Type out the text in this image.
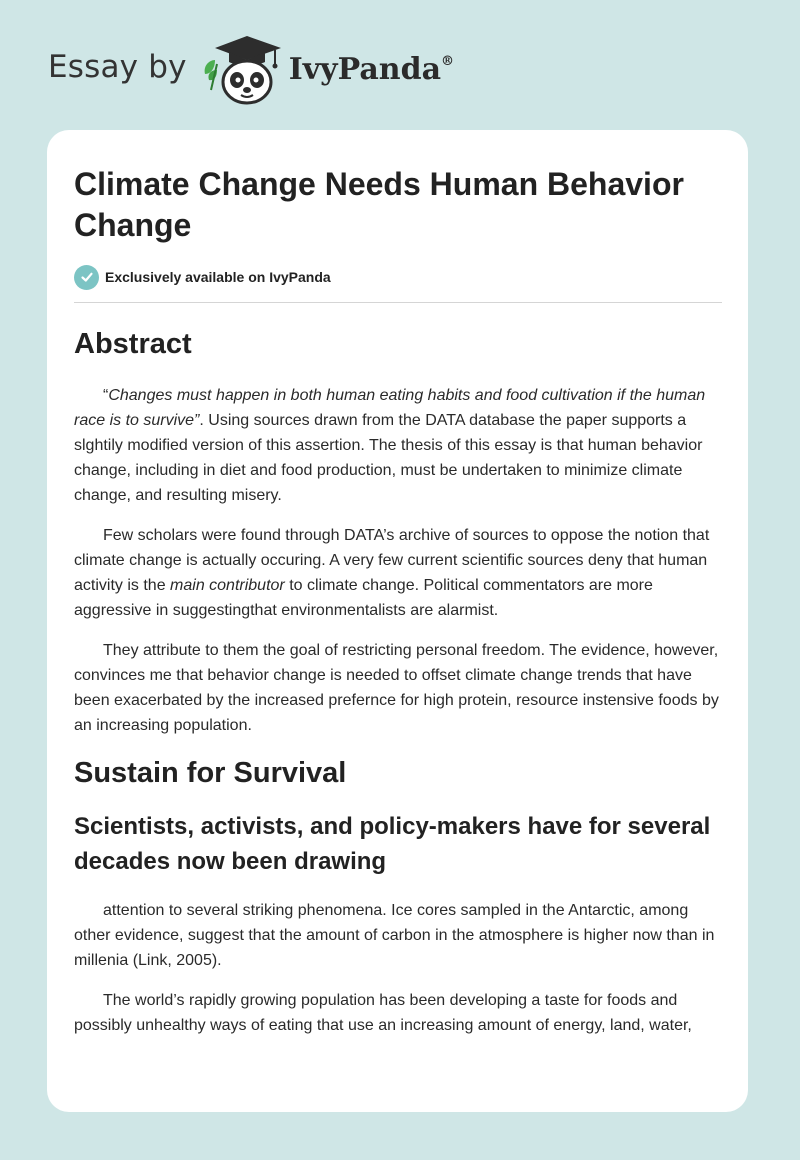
Essay by	IvyPanda®
Climate Change Needs Human Behavior Change
Exclusively available on IvyPanda
Abstract

“Changes must happen in both human eating habits and food cultivation if the human race is to survive”. Using sources drawn from the DATA database the paper supports a slghtily modified version of this assertion. The thesis of this essay is that human behavior change, including in diet and food production, must be undertaken to minimize climate change, and resulting misery.

Few scholars were found through DATA’s archive of sources to oppose the notion that climate change is actually occuring. A very few current scientific sources deny that human activity is the main contributor to climate change. Political commentators are more aggressive in suggestingthat environmentalists are alarmist.

They attribute to them the goal of restricting personal freedom. The evidence, however, convinces me that behavior change is needed to offset climate change trends that have been exacerbated by the increased prefernce for high protein, resource instensive foods by an increasing population.

Sustain for Survival
Scientists, activists, and policy-makers have for several decades now been drawing

attention to several striking phenomena. Ice cores sampled in the Antarctic, among other evidence, suggest that the amount of carbon in the atmosphere is higher now than in millenia (Link, 2005).

The world’s rapidly growing population has been developing a taste for foods and possibly unhealthy ways of eating that use an increasing amount of energy, land, water,
